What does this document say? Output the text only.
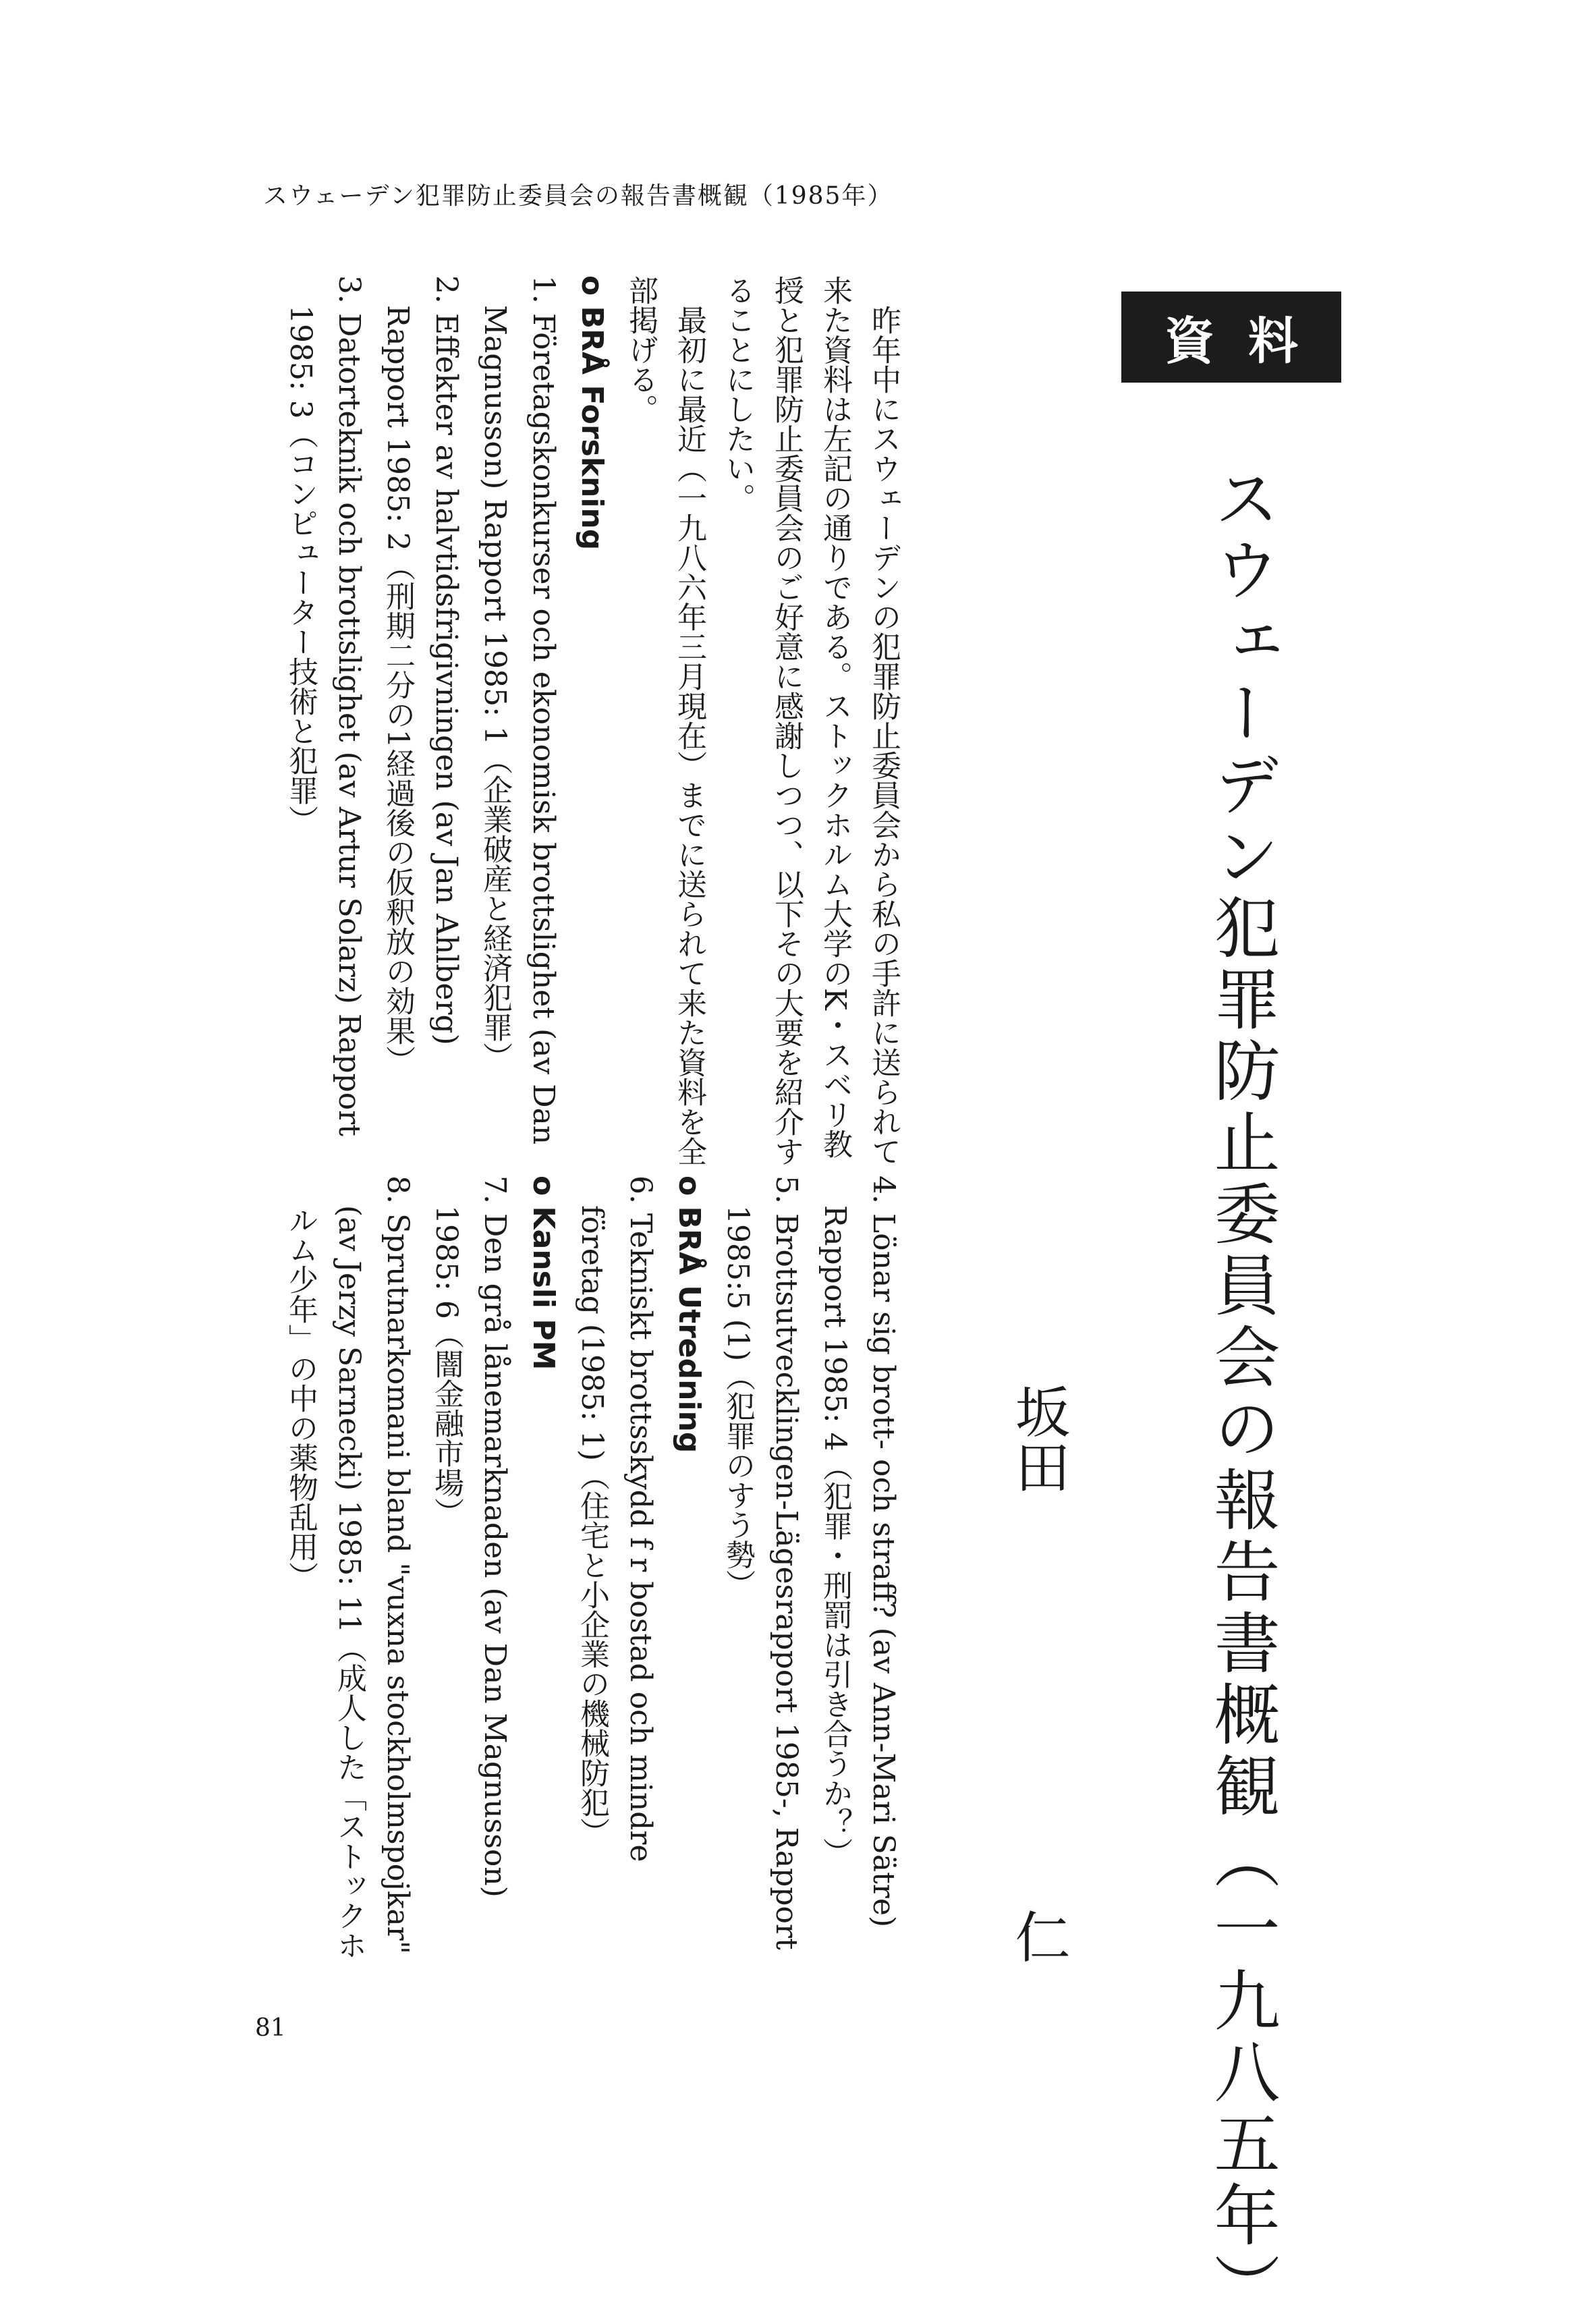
スウェーデン犯罪防止委員会の報告書概観（1985年）
資料
スウェーデン犯罪防止委員会の報告書概観（一九八五年）
坂田
仁

昨年中にスウェーデンの犯罪防止委員会から私の手許に送られて来た資料は左記の通りである。ストックホルム大学のK・スベリ教授と犯罪防止委員会のご好意に感謝しつつ、以下その大要を紹介することにしたい。

最初に最近（一九八六年三月現在）までに送られて来た資料を全部掲げる。

o BRÅ Forskning

1. Företagskonkurser och ekonomisk brottslighet (av Dan Magnusson) Rapport 1985: 1（企業破産と経済犯罪）

2. Effekter av halvtidsfrigivningen (av Jan Ahlberg) Rapport 1985: 2（刑期二分の1経過後の仮釈放の効果）

3. Datorteknik och brottslighet (av Artur Solarz) Rapport 1985: 3（コンピューター技術と犯罪）

4. Lönar sig brott- och straff? (av Ann-Mari Sätre) Rapport 1985: 4（犯罪・刑罰は引き合うか？）

5. Brottsutvecklingen-Lägesrapport 1985-, Rapport 1985:5 (1)（犯罪のすう勢）

o BRÅ Utredning

6. Tekniskt brottsskydd f r bostad och mindre företag (1985: 1)（住宅と小企業の機械防犯）

o Kansli PM

7. Den grå lånemarknaden (av Dan Magnusson) 1985: 6（闇金融市場）

8. Sprutnarkomani bland "vuxna stockholmspojkar" (av Jerzy Sarnecki) 1985: 11（成人した「ストックホルム少年」の中の薬物乱用）

81
